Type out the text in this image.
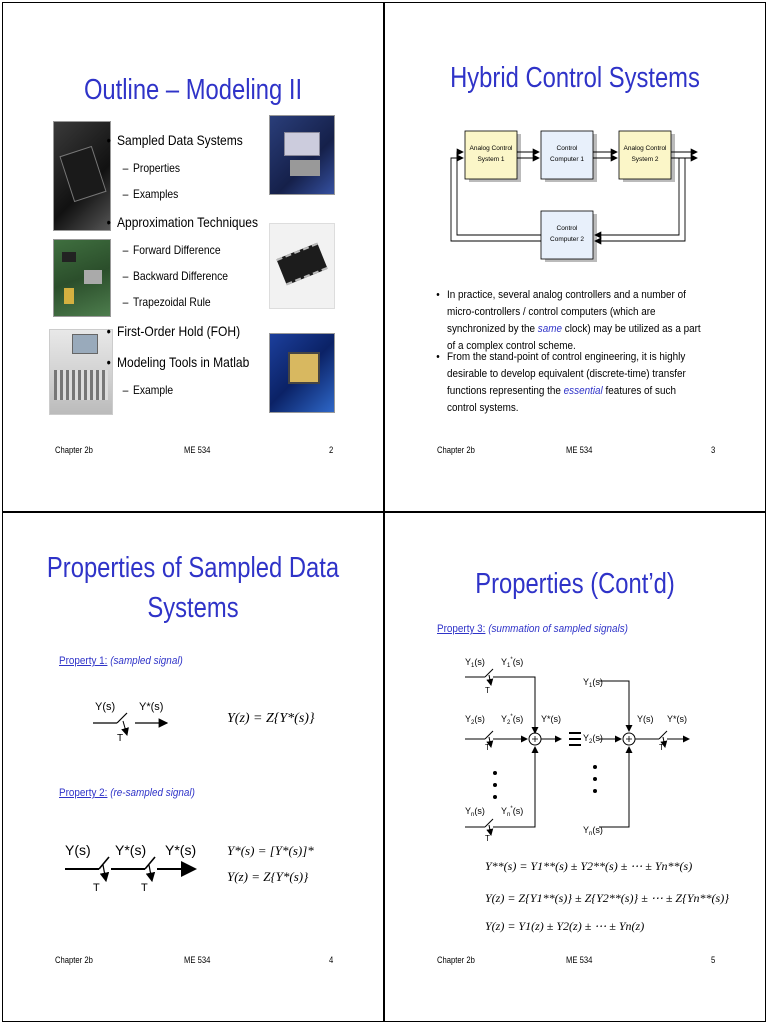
Outline – Modeling II
• Sampled Data Systems
– Properties
– Examples
• Approximation Techniques
– Forward Difference
– Backward Difference
– Trapezoidal Rule
• First-Order Hold (FOH)
• Modeling Tools in Matlab
– Example
Chapter 2b	ME 534	2
Hybrid Control Systems
Analog Control
System 1
Control
Computer 1
Analog Control
System 2
Control
Computer 2
• In practice, several analog controllers and a number of micro-controllers / control computers (which are synchronized by the same clock) may be utilized as a part of a complex control scheme.
• From the stand-point of control engineering, it is highly desirable to develop equivalent (discrete-time) transfer functions representing the essential features of such control systems.
Chapter 2b	ME 534	3
Properties of Sampled Data
Systems
Property 1: (sampled signal)
Y(s) Y*(s)
T
Y(z) = Z{Y*(s)}
Property 2: (re-sampled signal)
Y(s) Y*(s) Y*(s)
T	T
Y*(s) = [Y*(s)]*
Y(z) = Z{Y*(s)}
Chapter 2b	ME 534	4
Properties (Cont’d)
Property 3: (summation of sampled signals)
$Y_1(s)$ $Y_1^*(s)$
$Y_2(s)$ $Y_2^*(s)$
$Y_n(s)$ $Y_n^*(s)$
Y*(s)
T
T
T
$Y_1(s)$
$Y_2(s)$
$Y_n(s)$
Y(s) Y*(s)
T
Y**(s) = Y1**(s) ± Y2**(s) ± ⋯ ± Yn**(s)
Y(z) = Z{Y1**(s)} ± Z{Y2**(s)} ± ⋯ ± Z{Yn**(s)}
Y(z) = Y1(z) ± Y2(z) ± ⋯ ± Yn(z)
Chapter 2b	ME 534	5
